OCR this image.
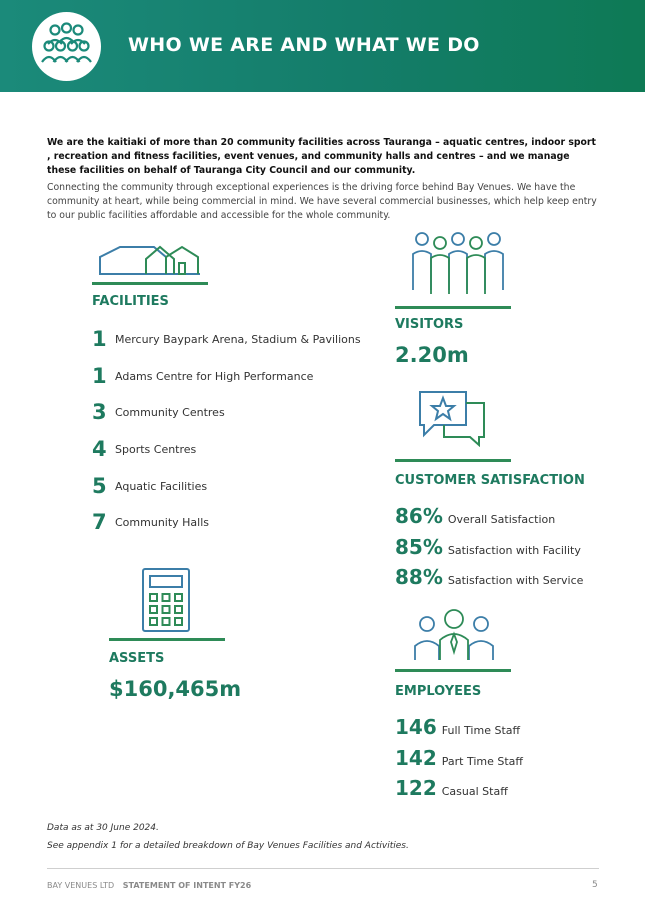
WHO WE ARE AND WHAT WE DO
We are the kaitiaki of more than 20 community facilities across Tauranga – aquatic centres, indoor sport , recreation and fitness facilities, event venues, and community halls and centres – and we manage these facilities on behalf of Tauranga City Council and our community.
Connecting the community through exceptional experiences is the driving force behind Bay Venues. We have the community at heart, while being commercial in mind. We have several commercial businesses, which help keep entry to our public facilities affordable and accessible for the whole community.
FACILITIES
1 Mercury Baypark Arena, Stadium & Pavilions
1 Adams Centre for High Performance
3 Community Centres
4 Sports Centres
5 Aquatic Facilities
7 Community Halls
ASSETS
$160,465m
VISITORS
2.20m
CUSTOMER SATISFACTION
86% Overall Satisfaction
85% Satisfaction with Facility
88% Satisfaction with Service
EMPLOYEES
146 Full Time Staff
142 Part Time Staff
122 Casual Staff
Data as at 30 June 2024.
See appendix 1 for a detailed breakdown of Bay Venues Facilities and Activities.
BAY VENUES LTD STATEMENT OF INTENT FY26	5
